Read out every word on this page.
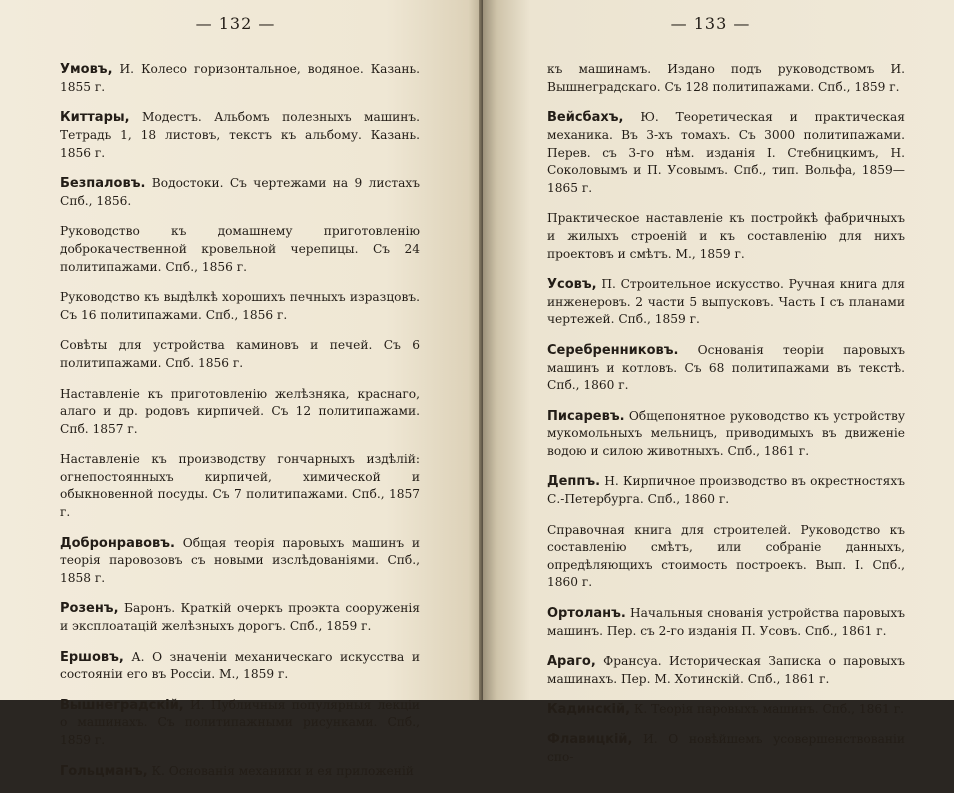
— 132 —

Умовъ, И. Колесо горизонтальное, водяное. Казань. 1855 г.

Киттары, Модестъ. Альбомъ полезныхъ машинъ. Тетрадь 1, 18 листовъ, текстъ къ альбому. Казань. 1856 г.

Безпаловъ. Водостоки. Съ чертежами на 9 листахъ Спб., 1856.

Руководство къ домашнему приготовленію доброкачественной кровельной черепицы. Съ 24 политипажами. Спб., 1856 г.

Руководство къ выдѣлкѣ хорошихъ печныхъ изразцовъ. Съ 16 политипажами. Спб., 1856 г.

Совѣты для устройства каминовъ и печей. Съ 6 политипажами. Спб. 1856 г.

Наставленіе къ приготовленію желѣзняка, краснаго, алаго и др. родовъ кирпичей. Съ 12 политипажами. Спб. 1857 г.

Наставленіе къ производству гончарныхъ издѣлій: огнепостоянныхъ кирпичей, химической и обыкновенной посуды. Съ 7 политипажами. Спб., 1857 г.

Добронравовъ. Общая теорія паровыхъ машинъ и теорія паровозовъ съ новыми изслѣдованіями. Спб., 1858 г.

Розенъ, Баронъ. Краткій очеркъ проэкта сооруженія и эксплоатацій желѣзныхъ дорогъ. Спб., 1859 г.

Ершовъ, А. О значеніи механическаго искусства и состояніи его въ Россіи. М., 1859 г.

Вышнеградскій, И. Публичныя популярныя лекціи о машинахъ. Съ политипажными рисунками. Спб., 1859 г.

Гольцманъ, К. Основанія механики и ея приложеній

— 133 —

къ машинамъ. Издано подъ руководствомъ И. Вышнеградскаго. Съ 128 политипажами. Спб., 1859 г.

Вейсбахъ, Ю. Теоретическая и практическая механика. Въ 3-хъ томахъ. Съ 3000 политипажами. Перев. съ 3-го нѣм. изданія І. Стебницкимъ, Н. Соколовымъ и П. Усовымъ. Спб., тип. Вольфа, 1859—1865 г.

Практическое наставленіе къ постройкѣ фабричныхъ и жилыхъ строеній и къ составленію для нихъ проектовъ и смѣтъ. М., 1859 г.

Усовъ, П. Строительное искусство. Ручная книга для инженеровъ. 2 части 5 выпусковъ. Часть I съ планами чертежей. Спб., 1859 г.

Серебренниковъ. Основанія теоріи паровыхъ машинъ и котловъ. Съ 68 политипажами въ текстѣ. Спб., 1860 г.

Писаревъ. Общепонятное руководство къ устройству мукомольныхъ мельницъ, приводимыхъ въ движеніе водою и силою животныхъ. Спб., 1861 г.

Деппъ. Н. Кирпичное производство въ окрестностяхъ С.-Петербурга. Спб., 1860 г.

Справочная книга для строителей. Руководство къ составленію смѣтъ, или собраніе данныхъ, опредѣляющихъ стоимость построекъ. Вып. I. Спб., 1860 г.

Ортоланъ. Начальныя снованія устройства паровыхъ машинъ. Пер. съ 2-го изданія П. Усовъ. Спб., 1861 г.

Араго, Франсуа. Историческая Записка о паровыхъ машинахъ. Пер. М. Хотинскій. Спб., 1861 г.

Кадинскій, К. Теорія паровыхъ машинъ. Спб., 1861 г.

Флавицкій, И. О новѣйшемъ усовершенствованіи спо-
